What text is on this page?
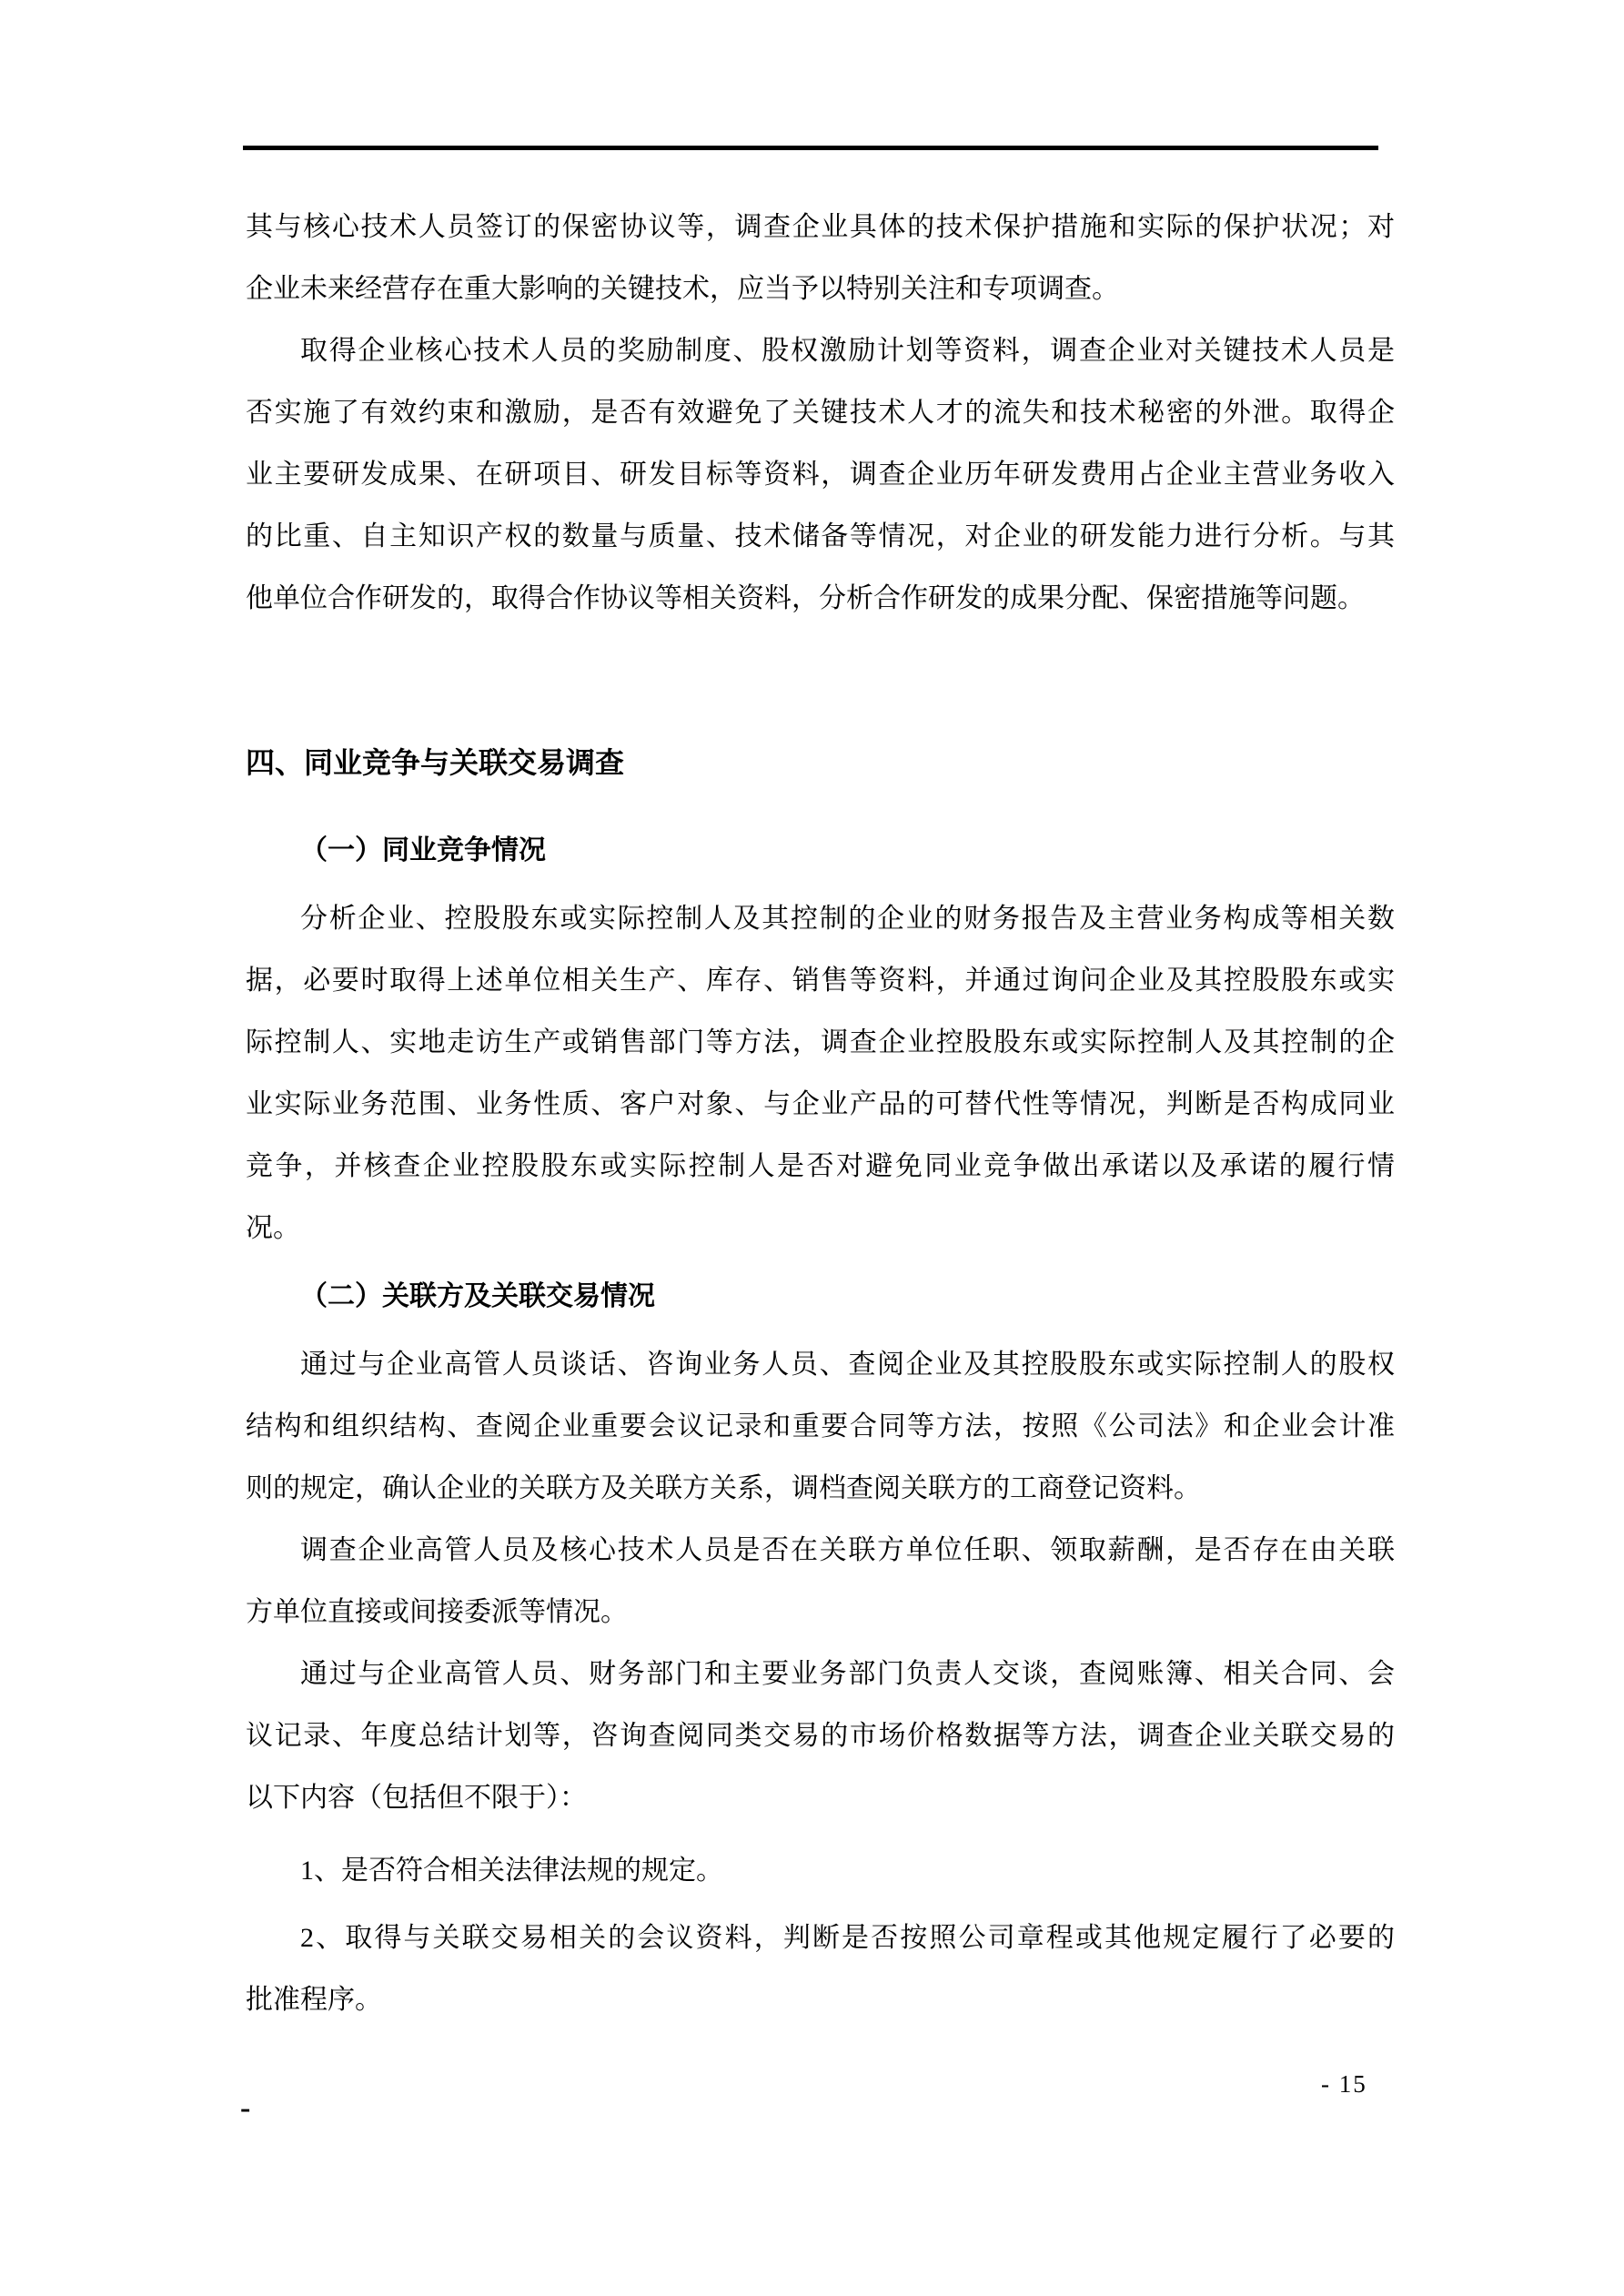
其与核心技术人员签订的保密协议等，调查企业具体的技术保护措施和实际的保护状况；对
企业未来经营存在重大影响的关键技术，应当予以特别关注和专项调查。
取得企业核心技术人员的奖励制度、股权激励计划等资料，调查企业对关键技术人员是
否实施了有效约束和激励，是否有效避免了关键技术人才的流失和技术秘密的外泄。取得企
业主要研发成果、在研项目、研发目标等资料，调查企业历年研发费用占企业主营业务收入
的比重、自主知识产权的数量与质量、技术储备等情况，对企业的研发能力进行分析。与其
他单位合作研发的，取得合作协议等相关资料，分析合作研发的成果分配、保密措施等问题。
四、同业竞争与关联交易调查
（一）同业竞争情况
分析企业、控股股东或实际控制人及其控制的企业的财务报告及主营业务构成等相关数
据，必要时取得上述单位相关生产、库存、销售等资料，并通过询问企业及其控股股东或实
际控制人、实地走访生产或销售部门等方法，调查企业控股股东或实际控制人及其控制的企
业实际业务范围、业务性质、客户对象、与企业产品的可替代性等情况，判断是否构成同业
竞争，并核查企业控股股东或实际控制人是否对避免同业竞争做出承诺以及承诺的履行情
况。
（二）关联方及关联交易情况
通过与企业高管人员谈话、咨询业务人员、查阅企业及其控股股东或实际控制人的股权
结构和组织结构、查阅企业重要会议记录和重要合同等方法，按照《公司法》和企业会计准
则的规定，确认企业的关联方及关联方关系，调档查阅关联方的工商登记资料。
调查企业高管人员及核心技术人员是否在关联方单位任职、领取薪酬，是否存在由关联
方单位直接或间接委派等情况。
通过与企业高管人员、财务部门和主要业务部门负责人交谈，查阅账簿、相关合同、会
议记录、年度总结计划等，咨询查阅同类交易的市场价格数据等方法，调查企业关联交易的
以下内容（包括但不限于）：
1、是否符合相关法律法规的规定。
2、取得与关联交易相关的会议资料，判断是否按照公司章程或其他规定履行了必要的
批准程序。
-
- 15
